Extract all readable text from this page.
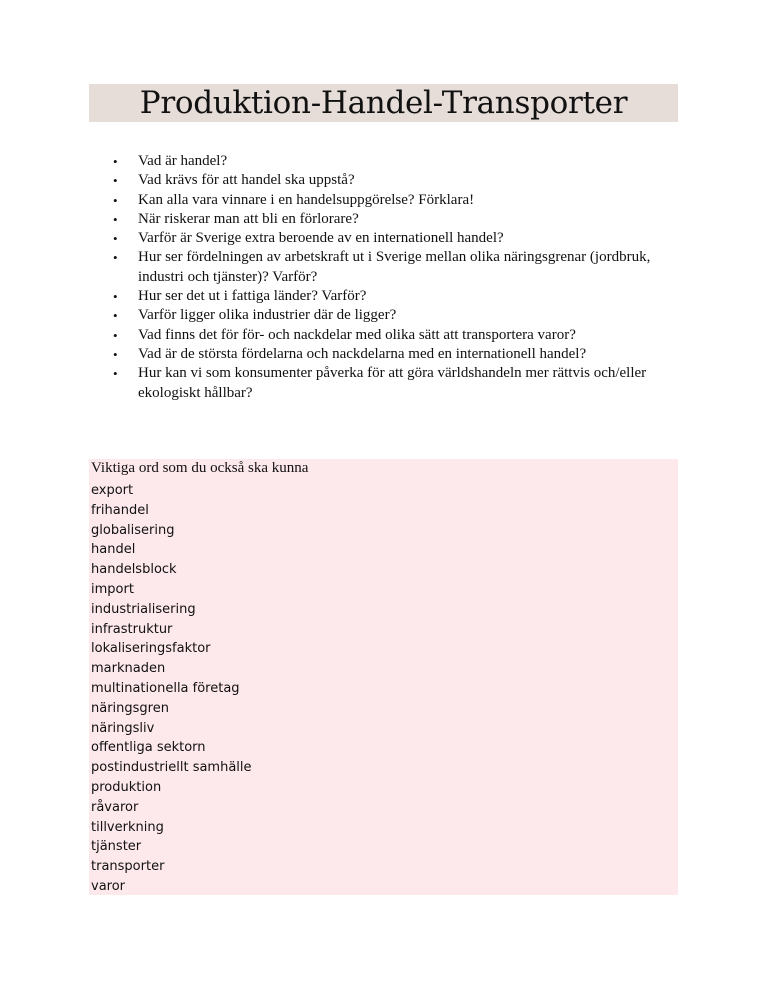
Produktion-Handel-Transporter
• Vad är handel?
• Vad krävs för att handel ska uppstå?
• Kan alla vara vinnare i en handelsuppgörelse? Förklara!
• När riskerar man att bli en förlorare?
• Varför är Sverige extra beroende av en internationell handel?
• Hur ser fördelningen av arbetskraft ut i Sverige mellan olika näringsgrenar (jordbruk, industri och tjänster)? Varför?
• Hur ser det ut i fattiga länder? Varför?
• Varför ligger olika industrier där de ligger?
• Vad finns det för för- och nackdelar med olika sätt att transportera varor?
• Vad är de största fördelarna och nackdelarna med en internationell handel?
• Hur kan vi som konsumenter påverka för att göra världshandeln mer rättvis och/eller ekologiskt hållbar?
Viktiga ord som du också ska kunna
export
frihandel
globalisering
handel
handelsblock
import
industrialisering
infrastruktur
lokaliseringsfaktor
marknaden
multinationella företag
näringsgren
näringsliv
offentliga sektorn
postindustriellt samhälle
produktion
råvaror
tillverkning
tjänster
transporter
varor
